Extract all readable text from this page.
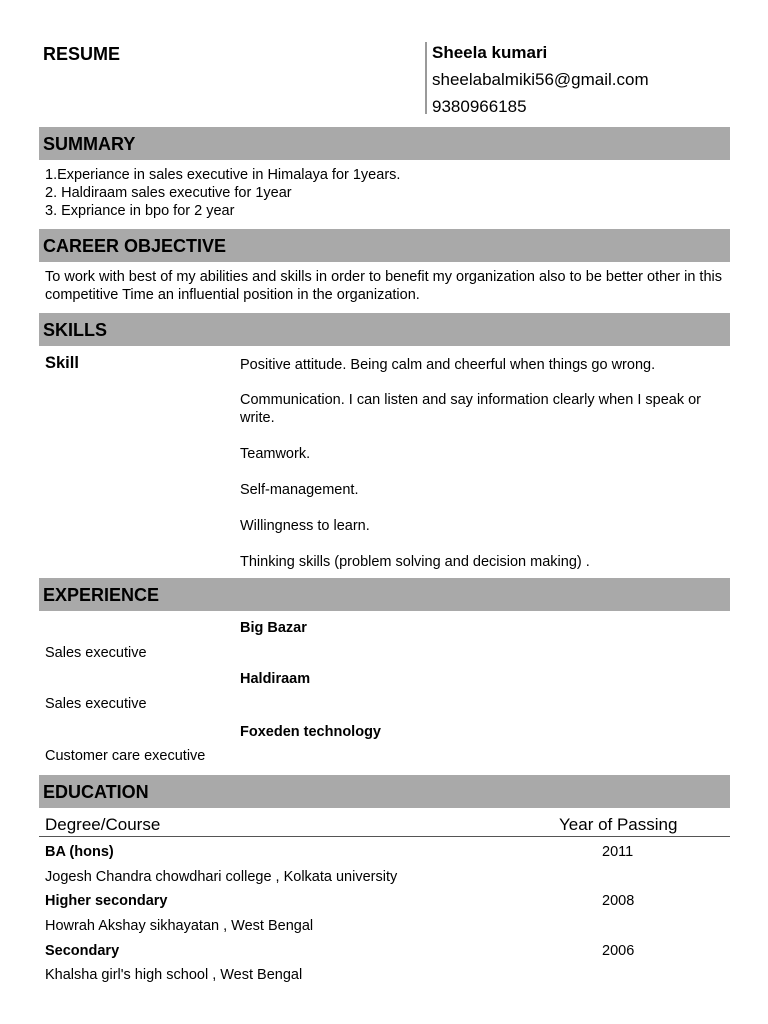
RESUME	Sheela kumari
sheelabalmiki56@gmail.com
9380966185
SUMMARY
1.Experiance in sales executive in Himalaya for 1years.
2. Haldiraam sales executive for 1year
3. Expriance in bpo for 2 year
CAREER OBJECTIVE
To work with best of my abilities and skills in order to benefit my organization also to be better other in this competitive Time an influential position in the organization.
SKILLS
Skill	Positive attitude. Being calm and cheerful when things go wrong.
Communication. I can listen and say information clearly when I speak or write.
Teamwork.
Self-management.
Willingness to learn.
Thinking skills (problem solving and decision making) .
EXPERIENCE
Big Bazar
Sales executive
Haldiraam
Sales executive
Foxeden technology
Customer care executive
EDUCATION
Degree/Course	Year of Passing
BA (hons)	2011
Jogesh Chandra chowdhari college , Kolkata university
Higher secondary	2008
Howrah Akshay sikhayatan , West Bengal
Secondary	2006
Khalsha girl's high school , West Bengal
